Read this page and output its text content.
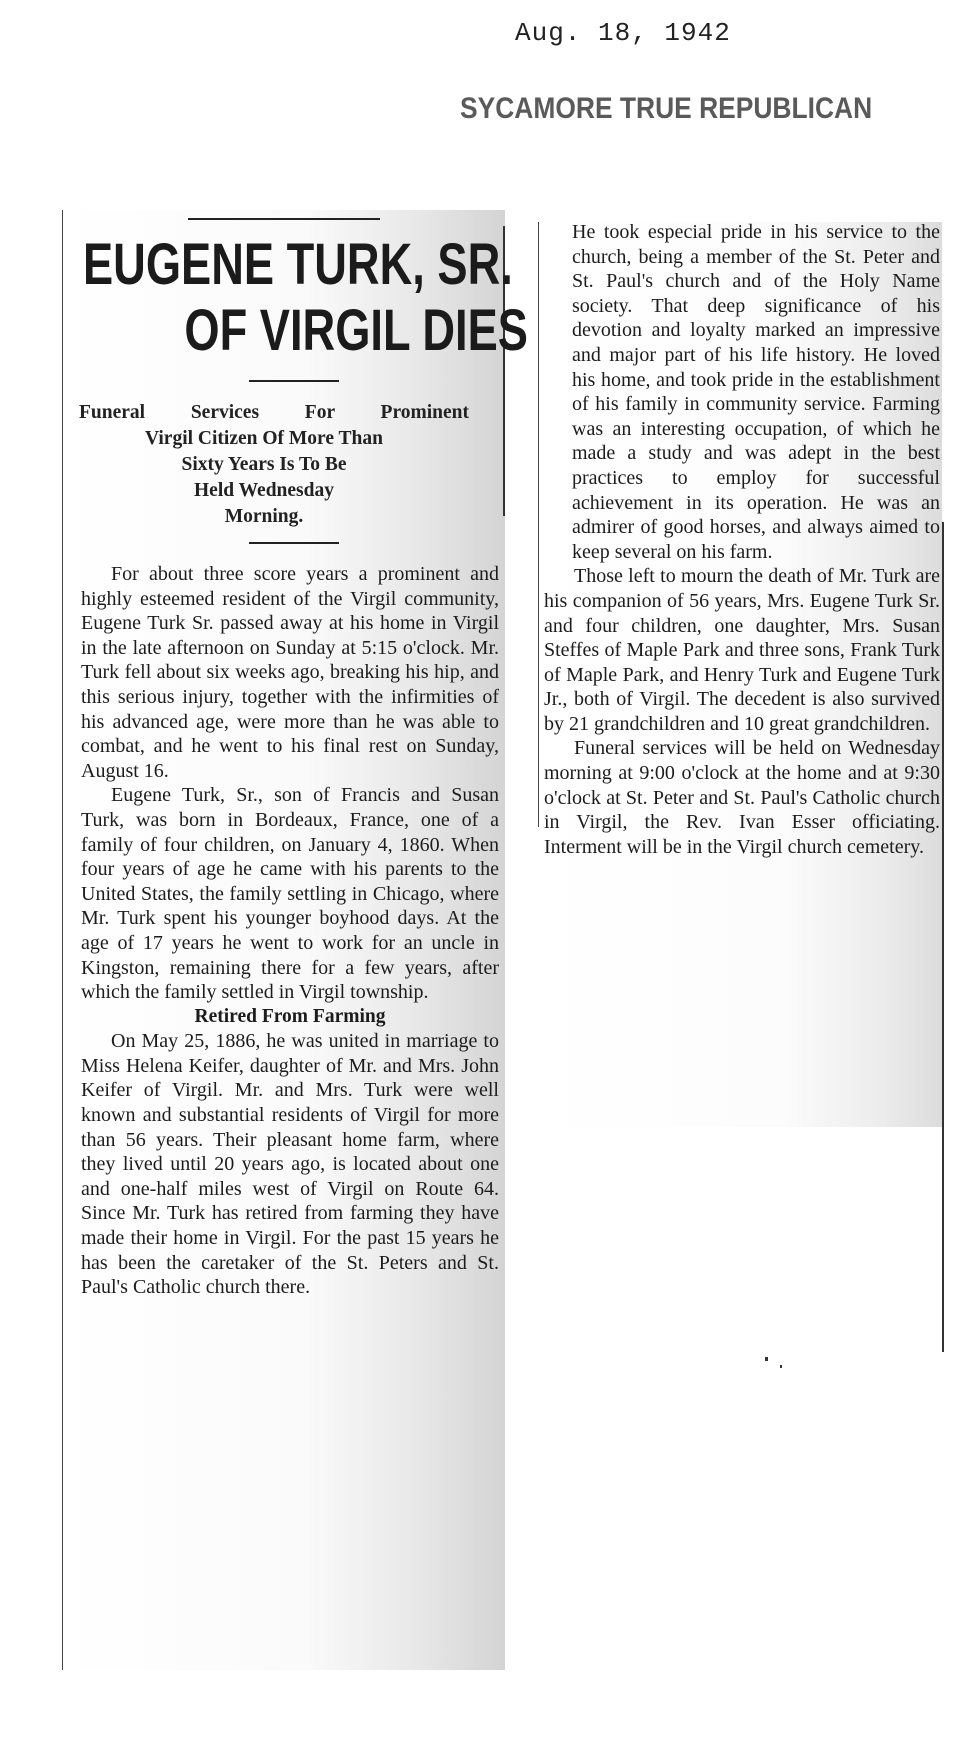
Aug. 18, 1942
SYCAMORE TRUE REPUBLICAN
EUGENE TURK, SR.
OF VIRGIL DIES
Funeral Services For Prominent
Virgil Citizen Of More Than
Sixty Years Is To Be
Held Wednesday
Morning.

For about three score years a prominent and highly esteemed resident of the Virgil community, Eugene Turk Sr. passed away at his home in Virgil in the late afternoon on Sunday at 5:15 o'clock. Mr. Turk fell about six weeks ago, breaking his hip, and this serious injury, together with the infirmities of his advanced age, were more than he was able to combat, and he went to his final rest on Sunday, August 16.

Eugene Turk, Sr., son of Francis and Susan Turk, was born in Bordeaux, France, one of a family of four children, on January 4, 1860. When four years of age he came with his parents to the United States, the family settling in Chicago, where Mr. Turk spent his younger boyhood days. At the age of 17 years he went to work for an uncle in Kingston, remaining there for a few years, after which the family settled in Virgil township.

Retired From Farming

On May 25, 1886, he was united in marriage to Miss Helena Keifer, daughter of Mr. and Mrs. John Keifer of Virgil. Mr. and Mrs. Turk were well known and substantial residents of Virgil for more than 56 years. Their pleasant home farm, where they lived until 20 years ago, is located about one and one-half miles west of Virgil on Route 64. Since Mr. Turk has retired from farming they have made their home in Virgil. For the past 15 years he has been the caretaker of the St. Peters and St. Paul's Catholic church there.

He took especial pride in his service to the church, being a member of the St. Peter and St. Paul's church and of the Holy Name society. That deep significance of his devotion and loyalty marked an impressive and major part of his life history. He loved his home, and took pride in the establishment of his family in community service. Farming was an interesting occupation, of which he made a study and was adept in the best practices to employ for successful achievement in its operation. He was an admirer of good horses, and always aimed to keep several on his farm.

Those left to mourn the death of Mr. Turk are his companion of 56 years, Mrs. Eugene Turk Sr. and four children, one daughter, Mrs. Susan Steffes of Maple Park and three sons, Frank Turk of Maple Park, and Henry Turk and Eugene Turk Jr., both of Virgil. The decedent is also survived by 21 grandchildren and 10 great grandchildren.

Funeral services will be held on Wednesday morning at 9:00 o'clock at the home and at 9:30 o'clock at St. Peter and St. Paul's Catholic church in Virgil, the Rev. Ivan Esser officiating. Interment will be in the Virgil church cemetery.
